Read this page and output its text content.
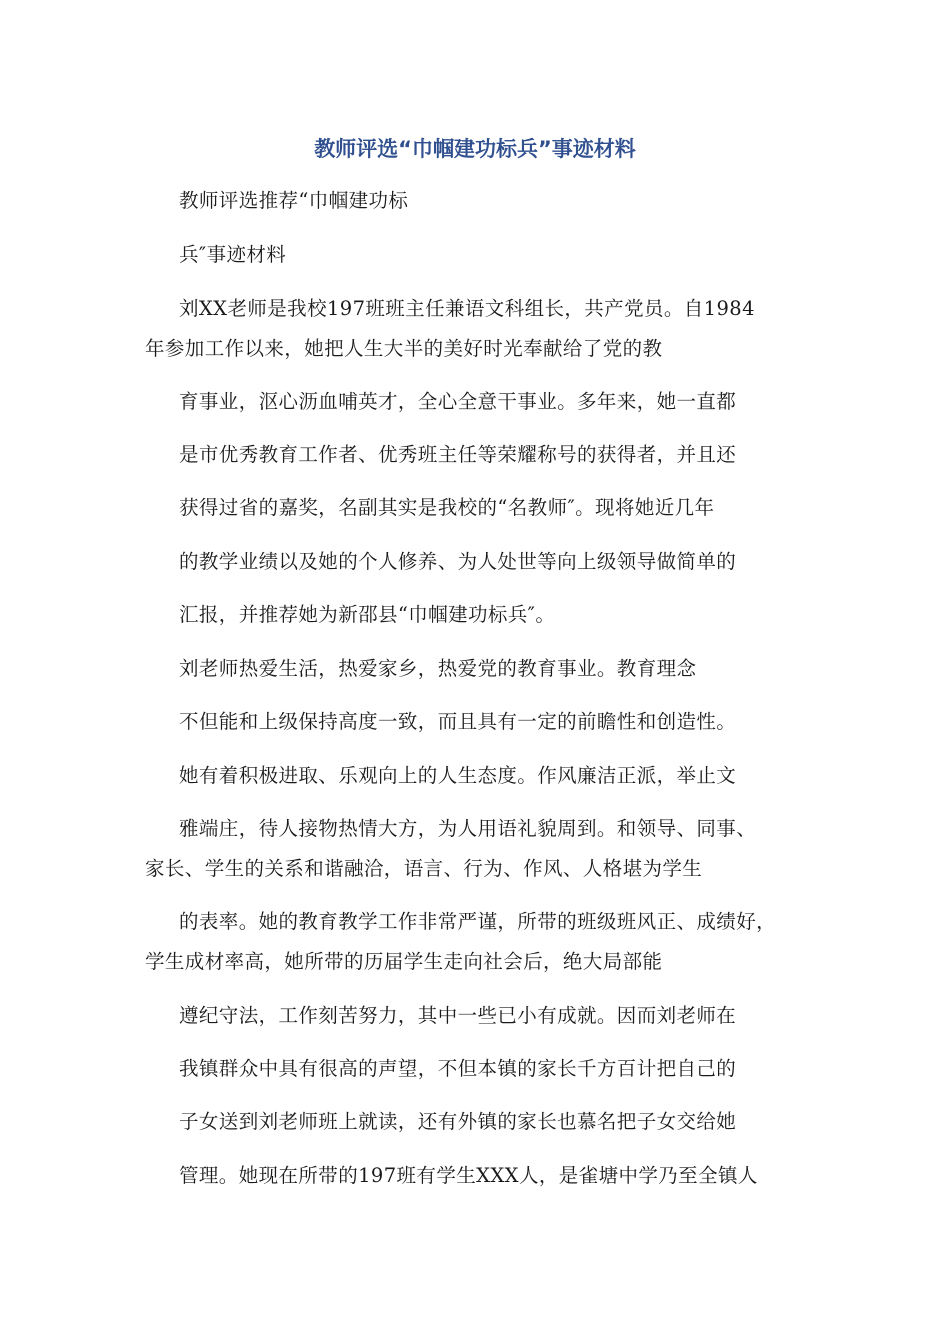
教师评选“巾帼建功标兵”事迹材料
教师评选推荐“巾帼建功标
兵″事迹材料
刘XX老师是我校197班班主任兼语文科组长，共产党员。自1984
年参加工作以来，她把人生大半的美好时光奉献给了党的教
育事业，沤心沥血哺英才，全心全意干事业。多年来，她一直都
是市优秀教育工作者、优秀班主任等荣耀称号的获得者，并且还
获得过省的嘉奖，名副其实是我校的“名教师″。现将她近几年
的教学业绩以及她的个人修养、为人处世等向上级领导做简单的
汇报，并推荐她为新邵县“巾帼建功标兵″。
刘老师热爱生活，热爱家乡，热爱党的教育事业。教育理念
不但能和上级保持高度一致，而且具有一定的前瞻性和创造性。
她有着积极进取、乐观向上的人生态度。作风廉洁正派，举止文
雅端庄，待人接物热情大方，为人用语礼貌周到。和领导、同事、
家长、学生的关系和谐融洽，语言、行为、作风、人格堪为学生
的表率。她的教育教学工作非常严谨，所带的班级班风正、成绩好，
学生成材率高，她所带的历届学生走向社会后，绝大局部能
遵纪守法，工作刻苦努力，其中一些已小有成就。因而刘老师在
我镇群众中具有很高的声望，不但本镇的家长千方百计把自己的
子女送到刘老师班上就读，还有外镇的家长也慕名把子女交给她
管理。她现在所带的197班有学生XXX人，是雀塘中学乃至全镇人
